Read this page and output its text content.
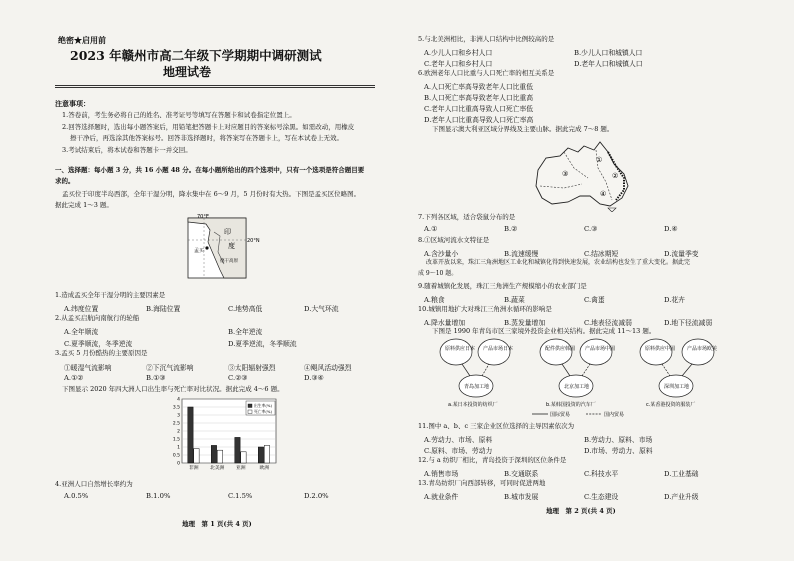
绝密★启用前
2023 年赣州市高二年级下学期期中调研测试
地理试卷
注意事项：
1.答卷前，考生务必将自己的姓名、准考证号等填写在答题卡和试卷指定位置上。
2.回答选择题时，选出每小题答案后，用铅笔把答题卡上对应题目的答案标号涂黑。如需改动，用橡皮
擦干净后，再选涂其他答案标号。回答非选择题时，将答案写在答题卡上，写在本试卷上无效。
3.考试结束后，将本试卷和答题卡一并交回。
一、选择题：每小题 3 分，共 16 小题 48 分。在每小题所给出的四个选项中，只有一个选项是符合题目要
求的。
孟买位于印度半岛西部，全年干湿分明，降水集中在 6～9 月，5 月份时有大热。下图是孟买区位略图。
据此完成 1～3 题。
70°E
20°N
印
度
孟买
德干高原
1.造成孟买全年干湿分明的主要因素是
A.纬度位置	B.海陆位置	C.地势高低	D.大气环流
2.从孟买启航向南航行的轮船
A.全年顺流	B.全年逆流
C.夏季顺流，冬季逆流	D.夏季逆流，冬季顺流
3.孟买 5 月份酷热的主要原因是
①暖湿气流影响	②下沉气流影响	③太阳辐射强烈	④飓风活动强烈
A.①②	B.①③	C.②③	D.③④
下图显示 2020 年四大洲人口出生率与死亡率对比状况。据此完成 4～6 题。
0
0.5
1
1.5
2
2.5
3
3.5
4
非洲 北美洲 亚洲	欧洲
出生率(%)
死亡率(%)
4.亚洲人口自然增长率约为
A.0.5%	B.1.0%	C.1.5%	D.2.0%
地理　第 1 页(共 4 页)
5.与北美洲相比，非洲人口结构中比例较高的是
A.少儿人口和乡村人口	B.少儿人口和城镇人口
C.老年人口和乡村人口	D.老年人口和城镇人口
6.欧洲老年人口比重与人口死亡率的相互关系是
A.人口死亡率高导致老年人口比重低
B.人口死亡率高导致老年人口比重高
C.老年人口比重高导致人口死亡率低
D.老年人口比重高导致人口死亡率高
下图显示澳大利亚区域分界线及主要山脉。据此完成 7～8 题。
①
②
③
④
7.下列各区域，适合袋鼠分布的是
A.①	B.②	C.③	D.④
8.①区域河流水文特征是
A.含沙量小	B.流速缓慢	C.结冰期短	D.流量季变
改革开放以来，珠江三角洲地区工业化和城镇化得到快速发展，农业结构也发生了重大变化。据此完
成 9～10 题。
9.随着城镇化发展，珠江三角洲生产规模缩小的农业部门是
A.粮食	B.蔬菜	C.禽蛋	D.花卉
10.城镇用地扩大对珠江三角洲水循环的影响是
A.降水量增加	B.蒸发量增加	C.地表径流减弱	D.地下径流减弱
下图是 1990 年青岛市区三家境外投资企业相关结构。据此完成 11～13 题。
原料供应日本 产品市场日本
青岛加工地
a.某日本投资的纺织厂
配件供应韩国 产品市场中国
北京加工地
b.某韩国投资的汽车厂
原料供应中国 产品市场欧美
深圳加工地
c.某香港投资的服装厂
国际贸易	国内贸易
11.图中 a、b、c 三家企业区位选择的主导因素依次为
A.劳动力、市场、原料	B.劳动力、原料、市场
C.原料、市场、劳动力	D.市场、劳动力、原料
12.与 a 纺织厂相比，青岛投资于深圳的区位条件是
A.销售市场	B.交通联系	C.科技水平	D.工业基础
13.青岛纺织厂向西部转移，可同时促进两地
A.就业条件	B.城市发展	C.生态建设	D.产业升级
地理　第 2 页(共 4 页)
